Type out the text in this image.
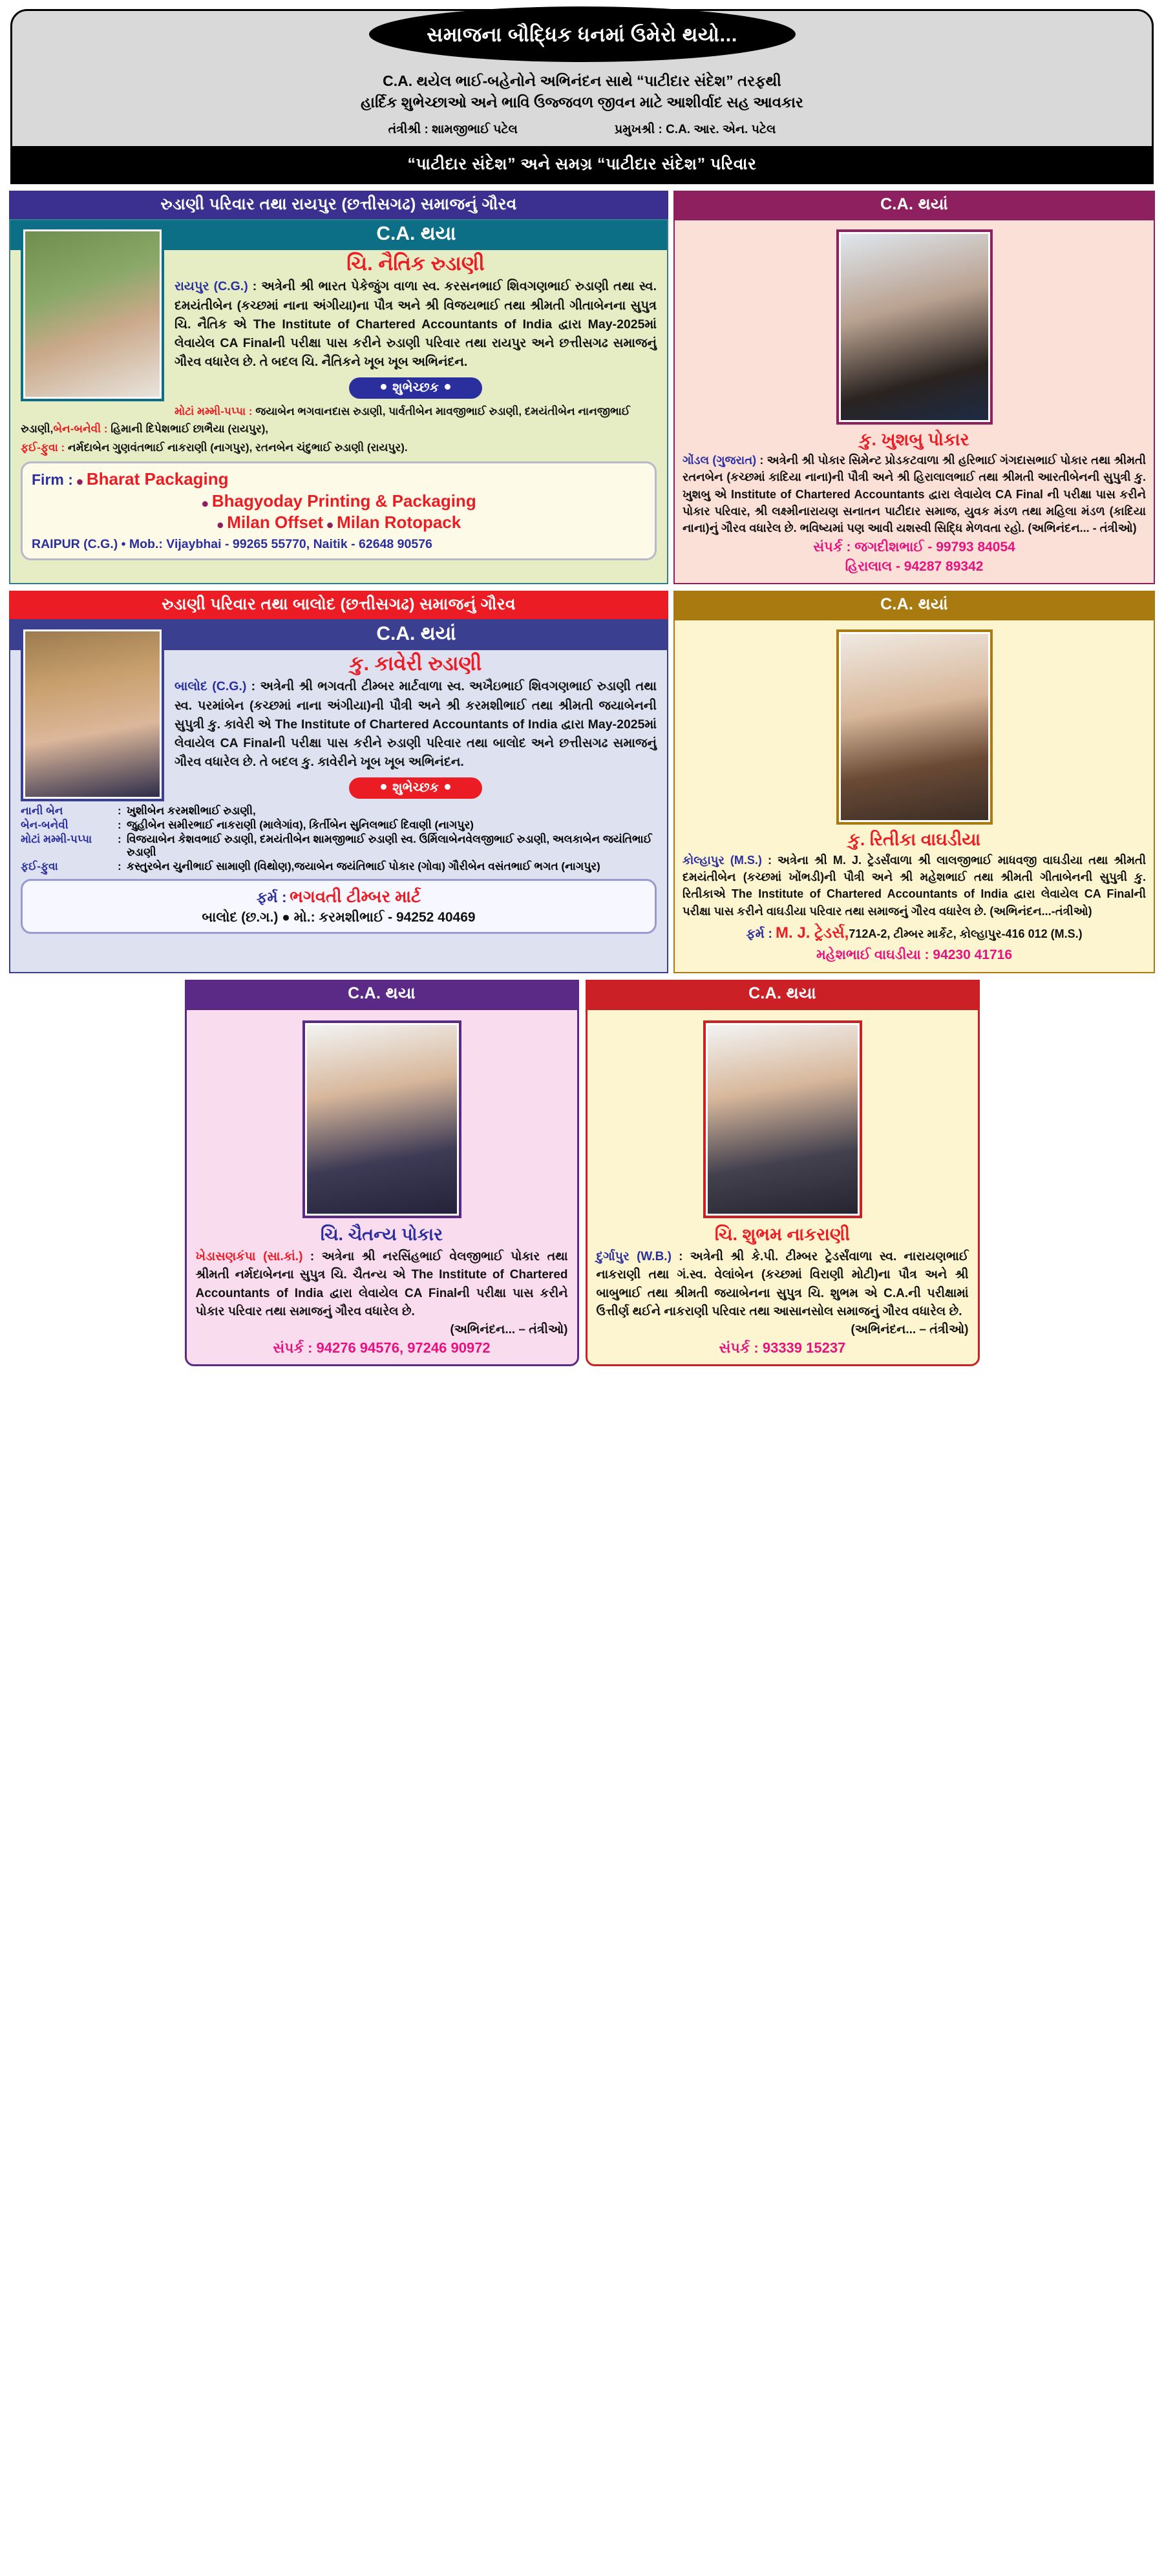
સમાજના બૌદ્ધિક ધનમાં ઉમેરો થયો...
C.A. થયેલ ભાઈ-બહેનોને અભિનંદન સાથે “પાટીદાર સંદેશ” તરફથી
હાર્દિક શુભેચ્છાઓ અને ભાવિ ઉજ્જવળ જીવન માટે આશીર્વાદ સહ આવકાર
તંત્રીશ્રી : શામજીભાઈ પટેલ	પ્રમુખશ્રી : C.A. આર. એન. પટેલ
“પાટીદાર સંદેશ” અને સમગ્ર “પાટીદાર સંદેશ” પરિવાર
રુડાણી પરિવાર તથા રાયપુર (છત્તીસગઢ) સમાજનું ગૌરવ
C.A. થયા
ચિ. નૈતિક રુડાણી
રાયપુર (C.G.) : અત્રેની શ્રી ભારત પેકેજુંગ વાળા સ્વ. કરસનભાઈ શિવગણભાઈ રુડાણી તથા સ્વ. દમયંતીબેન (કચ્છમાં નાના અંગીયા)ના પૌત્ર અને શ્રી વિજયભાઈ તથા શ્રીમતી ગીતાબેનના સુપુત્ર ચિ. નૈતિક એ The Institute of Chartered Accountants of India દ્વારા May-2025માં લેવાયેલ CA Finalની પરીક્ષા પાસ કરીને રુડાણી પરિવાર તથા રાયપુર અને છત્તીસગઢ સમાજનું ગૌરવ વધારેલ છે. તે બદલ ચિ. નૈતિકને ખૂબ ખૂબ અભિનંદન.
શુભેચ્છક
મોટાં મમ્મી-પપ્પા : જયાબેન ભગવાનદાસ રુડાણી, પાર્વતીબેન માવજીભાઈ રુડાણી, દમયંતીબેન નાનજીભાઈ રુડાણી,બેન-બનેવી : હિમાની દિપેશભાઈ છાભૈયા (રાયપુર),
ફઈ-ફુવા : નર્મદાબેન ગુણવંતભાઈ નાકરાણી (નાગપુર), રતનબેન ચંદુભાઈ રુડાણી (રાયપુર).
Firm : ● Bharat Packaging
● Bhagyoday Printing & Packaging
● Milan Offset ● Milan Rotopack
RAIPUR (C.G.) • Mob.: Vijaybhai - 99265 55770, Naitik - 62648 90576
C.A. થયાં
કુ. ખુશબુ પોકાર
ગોંડલ (ગુજરાત) : અત્રેની શ્રી પોકાર સિમેન્ટ પ્રોડકટવાળા શ્રી હરિભાઈ ગંગદાસભાઈ પોકાર તથા શ્રીમતી રતનબેન (કચ્છમાં કાદિયા નાના)ની પૌત્રી અને શ્રી હિરાલાલભાઈ તથા શ્રીમતી આરતીબેનની સુપુત્રી કુ. ખુશબુ એ Institute of Chartered Accountants દ્વારા લેવાયેલ CA Final ની પરીક્ષા પાસ કરીને પોકાર પરિવાર, શ્રી લક્ષ્મીનારાયણ સનાતન પાટીદાર સમાજ, યુવક મંડળ તથા મહિલા મંડળ (કાદિયા નાના)નું ગૌરવ વધારેલ છે. ભવિષ્યમાં પણ આવી યશસ્વી સિદ્ધિ મેળવતા રહો. (અભિનંદન... - તંત્રીઓ)
સંપર્ક : જગદીશભાઈ - 99793 84054
હિરાલાલ - 94287 89342
રુડાણી પરિવાર તથા બાલોદ (છત્તીસગઢ) સમાજનું ગૌરવ
C.A. થયાં
કુ. કાવેરી રુડાણી
બાલોદ (C.G.) : અત્રેની શ્રી ભગવતી ટીમ્બર માર્ટવાળા સ્વ. અખૈઇભાઈ શિવગણભાઈ રુડાણી તથા સ્વ. પરમાંબેન (કચ્છમાં નાના અંગીયા)ની પૌત્રી અને શ્રી કરમશીભાઈ તથા શ્રીમતી જયાબેનની સુપુત્રી કુ. કાવેરી એ The Institute of Chartered Accountants of India દ્વારા May-2025માં લેવાયેલ CA Finalની પરીક્ષા પાસ કરીને રુડાણી પરિવાર તથા બાલોદ અને છત્તીસગઢ સમાજનું ગૌરવ વધારેલ છે. તે બદલ કુ. કાવેરીને ખૂબ ખૂબ અભિનંદન.
શુભેચ્છક
નાની બેન	:	ખુશીબેન કરમશીભાઈ રુડાણી,
બેન-બનેવી	:	જુહીબેન સમીરભાઈ નાકરાણી (માલેગાંવ), કિર્તીબેન સુનિલભાઈ દિવાણી (નાગપુર)
મોટાં મમ્મી-પપ્પા	:	વિજયાબેન કેશવભાઈ રુડાણી, દમયંતીબેન શામજીભાઈ રુડાણી સ્વ. ઉર્મિલાબેનવેલજીભાઈ રુડાણી, અલકાબેન જયંતિભાઈ રુડાણી
ફઈ-ફુવા	:	કસ્તુરબેન ચુનીભાઈ સામાણી (વિથોણ),જયાબેન જયંતિભાઈ પોકાર (ગોવા) ગૌરીબેન વસંતભાઈ ભગત (નાગપુર)
ફર્મ : ભગવતી ટીમ્બર માર્ટ
બાલોદ (છ.ગ.) ● મો.: કરમશીભાઈ - 94252 40469
C.A. થયાં
કુ. રિતીકા વાઘડીયા
કોલ્હાપુર (M.S.) : અત્રેના શ્રી M. J. ટ્રેડર્સંવાળા શ્રી લાલજીભાઈ માધવજી વાઘડીયા તથા શ્રીમતી દમયંતીબેન (કચ્છમાં ખોંભડી)ની પૌત્રી અને શ્રી મહેશભાઈ તથા શ્રીમતી ગીતાબેનની સુપુત્રી કુ. રિતીકાએ The Institute of Chartered Accountants of India દ્વારા લેવાયેલ CA Finalની પરીક્ષા પાસ કરીને વાઘડીયા પરિવાર તથા સમાજનું ગૌરવ વધારેલ છે. (અભિનંદન...-તંત્રીઓ)
ફર્મ : M. J. ટ્રેડર્સ,712A-2, ટીમ્બર માર્કેટ, કોલ્હાપુર-416 012 (M.S.)
મહેશભાઈ વાઘડીયા : 94230 41716
C.A. થયા
ચિ. ચૈતન્ય પોકાર
ખેડાસણકંપા (સા.કાં.) : અત્રેના શ્રી નરસિંહભાઈ વેલજીભાઈ પોકાર તથા શ્રીમતી નર્મદાબેનના સુપુત્ર ચિ. ચૈતન્ય એ The Institute of Chartered Accountants of India દ્વારા લેવાયેલ CA Finalની પરીક્ષા પાસ કરીને પોકાર પરિવાર તથા સમાજનું ગૌરવ વધારેલ છે.
(અભિનંદન... – તંત્રીઓ)
સંપર્ક : 94276 94576, 97246 90972
C.A. થયા
ચિ. શુભમ નાકરાણી
દુર્ગાપુર (W.B.) : અત્રેની શ્રી કે.પી. ટીમ્બર ટ્રેડર્સંવાળા સ્વ. નારાયણભાઈ નાકરાણી તથા ગં.સ્વ. વેલાંબેન (કચ્છમાં વિરાણી મોટી)ના પૌત્ર અને શ્રી બાબુભાઈ તથા શ્રીમતી જયાબેનના સુપુત્ર ચિ. શુભમ એ C.A.ની પરીક્ષામાં ઉત્તીર્ણ થઈને નાકરાણી પરિવાર તથા આસાનસોલ સમાજનું ગૌરવ વધારેલ છે.
(અભિનંદન... – તંત્રીઓ)
સંપર્ક : 93339 15237
